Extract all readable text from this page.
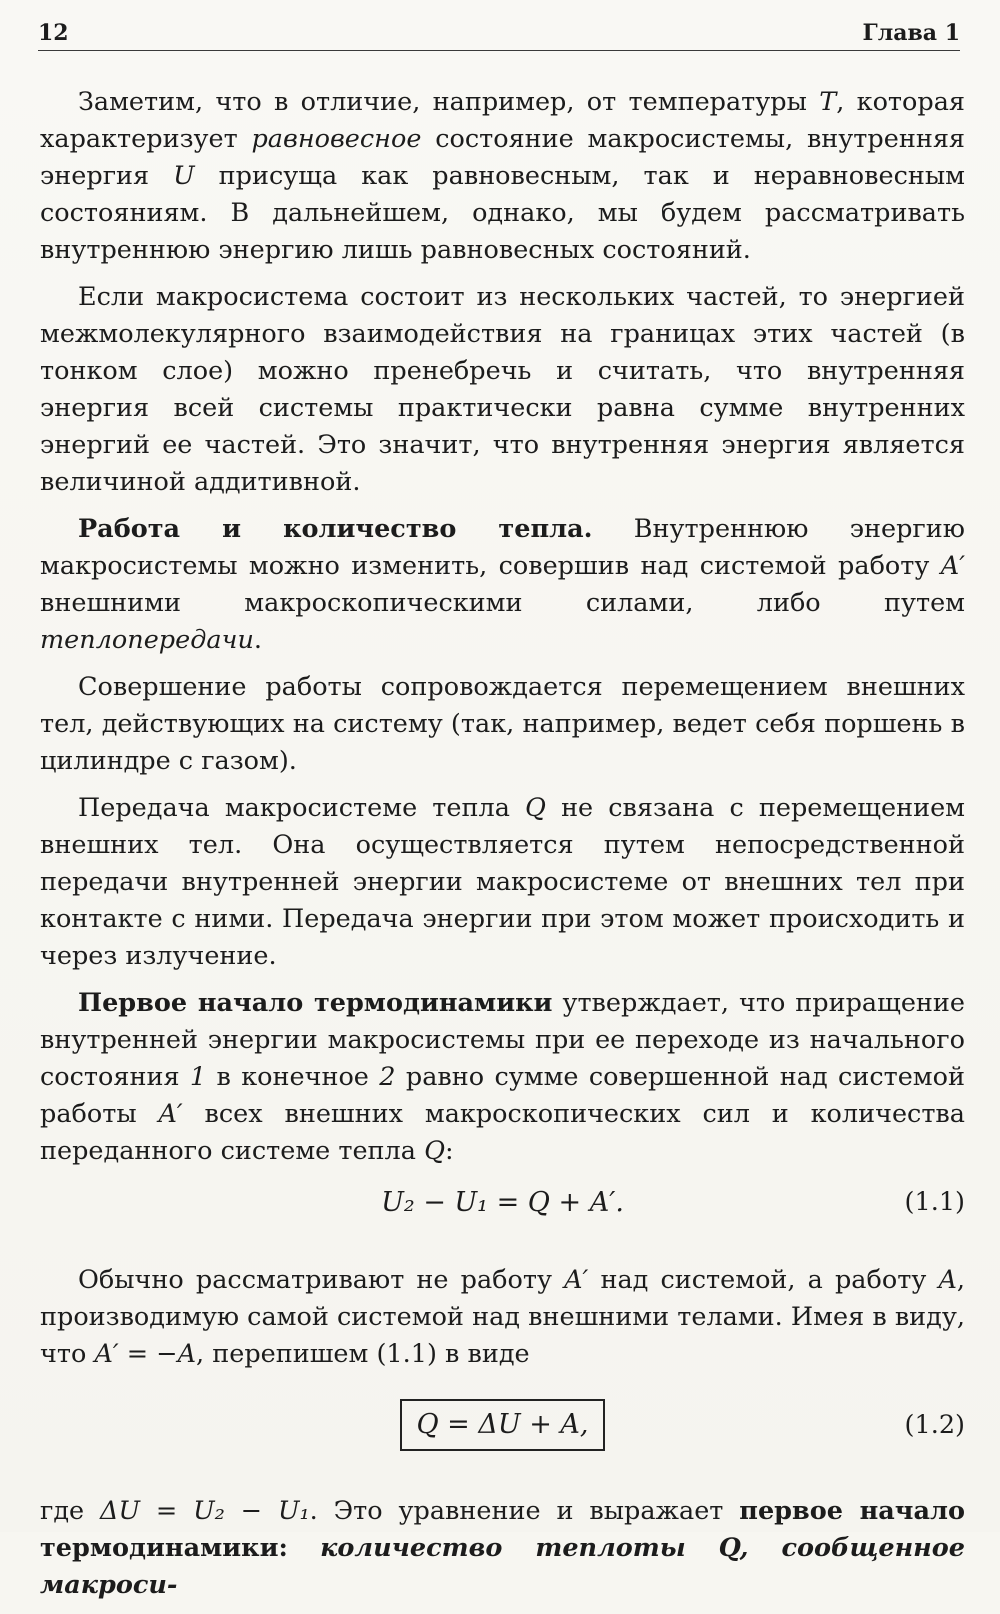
12	Глава 1

Заметим, что в отличие, например, от температуры T, которая характеризует равновесное состояние макросистемы, внутренняя энергия U присуща как равновесным, так и неравновесным состояниям. В дальнейшем, однако, мы будем рассматривать внутреннюю энергию лишь равновесных состояний.

Если макросистема состоит из нескольких частей, то энергией межмолекулярного взаимодействия на границах этих частей (в тонком слое) можно пренебречь и считать, что внутренняя энергия всей системы практически равна сумме внутренних энергий ее частей. Это значит, что внутренняя энергия является величиной аддитивной.

Работа и количество тепла. Внутреннюю энергию макросистемы можно изменить, совершив над системой работу A′ внешними макроскопическими силами, либо путем теплопередачи.

Совершение работы сопровождается перемещением внешних тел, действующих на систему (так, например, ведет себя поршень в цилиндре с газом).

Передача макросистеме тепла Q не связана с перемещением внешних тел. Она осуществляется путем непосредственной передачи внутренней энергии макросистеме от внешних тел при контакте с ними. Передача энергии при этом может происходить и через излучение.

Первое начало термодинамики утверждает, что приращение внутренней энергии макросистемы при ее переходе из начального состояния 1 в конечное 2 равно сумме совершенной над системой работы A′ всех внешних макроскопических сил и количества переданного системе тепла Q:

U₂ − U₁ = Q + A′.	(1.1)

Обычно рассматривают не работу A′ над системой, а работу A, производимую самой системой над внешними телами. Имея в виду, что A′ = −A, перепишем (1.1) в виде

Q = ΔU + A,	(1.2)

где ΔU = U₂ − U₁. Это уравнение и выражает первое начало термодинамики: количество теплоты Q, сообщенное макроси-
